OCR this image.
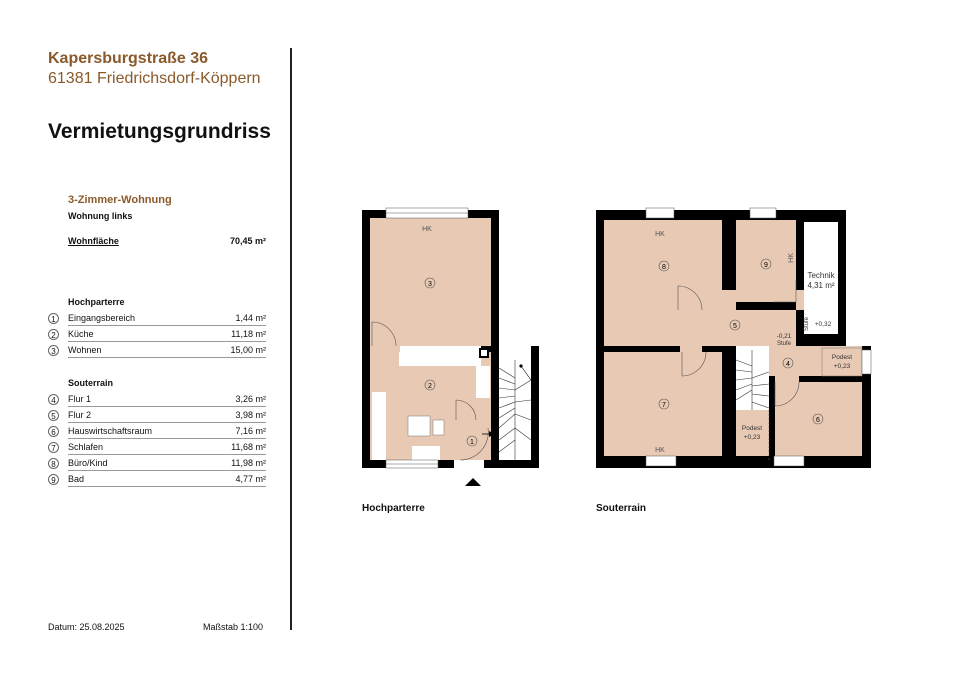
Kapersburgstraße 36
61381 Friedrichsdorf-Köppern
Vermietungsgrundriss
3-Zimmer-Wohnung
Wohnung links
Wohnfläche	70,45 m²
Hochparterre
1	Eingangsbereich	1,44 m²
2	Küche	11,18 m²
3	Wohnen	15,00 m²
Souterrain
4	Flur 1	3,26 m²
5	Flur 2	3,98 m²
6	Hauswirtschaftsraum	7,16 m²
7	Schlafen	11,68 m²
8	Büro/Kind	11,98 m²
9	Bad	4,77 m²
Datum: 25.08.2025	Maßstab 1:100
HK
3
2
1
HK
HK
HK
Technik
4,31 m²
Stufe +0,32
-0,21
Stufe
Podest
+0,23
Podest
+0,23
8	9
5
4
7
6
Hochparterre	Souterrain
